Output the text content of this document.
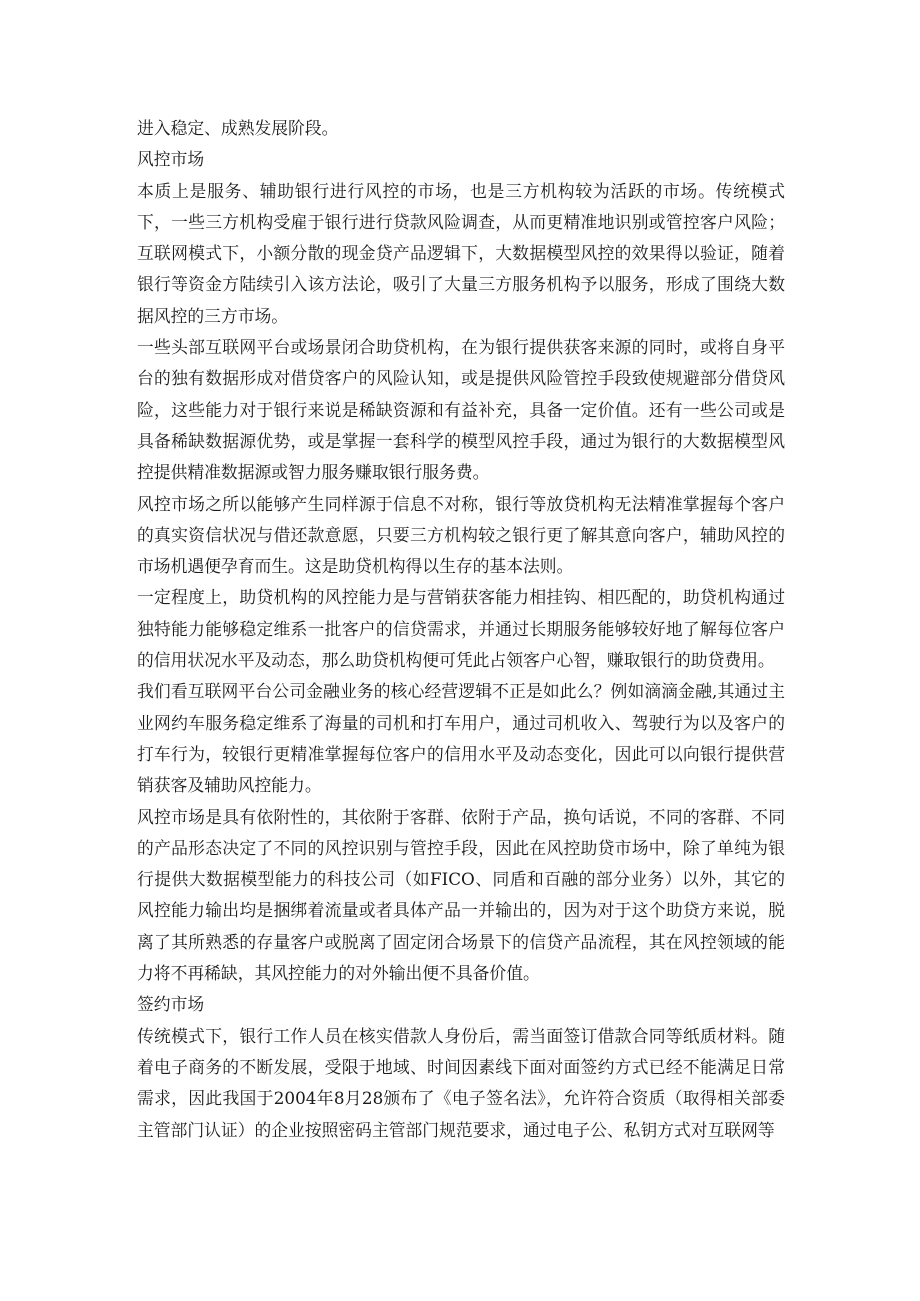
进入稳定、成熟发展阶段。

风控市场

本质上是服务、辅助银行进行风控的市场，也是三方机构较为活跃的市场。传统模式下，一些三方机构受雇于银行进行贷款风险调查，从而更精准地识别或管控客户风险；互联网模式下，小额分散的现金贷产品逻辑下，大数据模型风控的效果得以验证，随着银行等资金方陆续引入该方法论，吸引了大量三方服务机构予以服务，形成了围绕大数据风控的三方市场。

一些头部互联网平台或场景闭合助贷机构，在为银行提供获客来源的同时，或将自身平台的独有数据形成对借贷客户的风险认知，或是提供风险管控手段致使规避部分借贷风险，这些能力对于银行来说是稀缺资源和有益补充，具备一定价值。还有一些公司或是具备稀缺数据源优势，或是掌握一套科学的模型风控手段，通过为银行的大数据模型风控提供精准数据源或智力服务赚取银行服务费。

风控市场之所以能够产生同样源于信息不对称，银行等放贷机构无法精准掌握每个客户的真实资信状况与借还款意愿，只要三方机构较之银行更了解其意向客户，辅助风控的市场机遇便孕育而生。这是助贷机构得以生存的基本法则。

一定程度上，助贷机构的风控能力是与营销获客能力相挂钩、相匹配的，助贷机构通过独特能力能够稳定维系一批客户的信贷需求，并通过长期服务能够较好地了解每位客户的信用状况水平及动态，那么助贷机构便可凭此占领客户心智，赚取银行的助贷费用。

我们看互联网平台公司金融业务的核心经营逻辑不正是如此么？例如滴滴金融,其通过主业网约车服务稳定维系了海量的司机和打车用户，通过司机收入、驾驶行为以及客户的打车行为，较银行更精准掌握每位客户的信用水平及动态变化，因此可以向银行提供营销获客及辅助风控能力。

风控市场是具有依附性的，其依附于客群、依附于产品，换句话说，不同的客群、不同的产品形态决定了不同的风控识别与管控手段，因此在风控助贷市场中，除了单纯为银行提供大数据模型能力的科技公司（如FICO、同盾和百融的部分业务）以外，其它的风控能力输出均是捆绑着流量或者具体产品一并输出的，因为对于这个助贷方来说，脱离了其所熟悉的存量客户或脱离了固定闭合场景下的信贷产品流程，其在风控领域的能力将不再稀缺，其风控能力的对外输出便不具备价值。

签约市场

传统模式下，银行工作人员在核实借款人身份后，需当面签订借款合同等纸质材料。随着电子商务的不断发展，受限于地域、时间因素线下面对面签约方式已经不能满足日常需求，因此我国于2004年8月28颁布了《电子签名法》，允许符合资质（取得相关部委主管部门认证）的企业按照密码主管部门规范要求，通过电子公、私钥方式对互联网等
